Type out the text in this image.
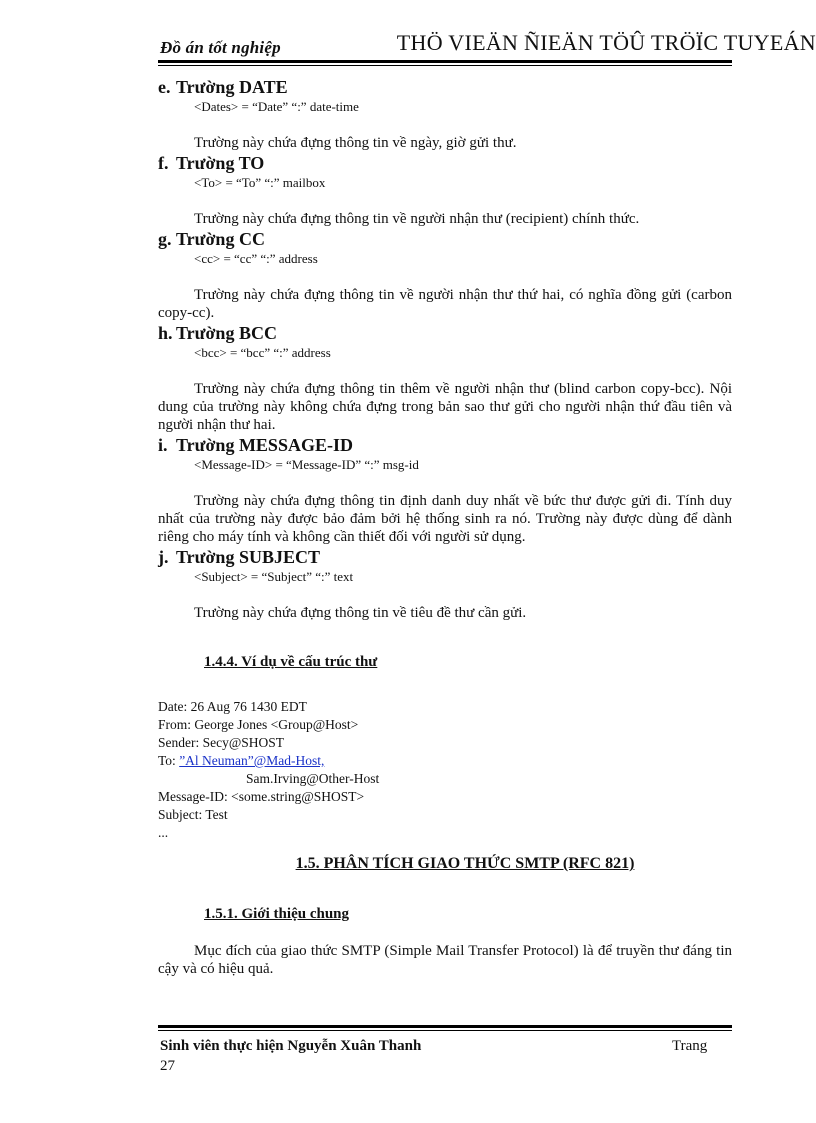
Đồ án tốt nghiệp	THÖ VIEÄN ÑIEÄN TÖÛ TRÖÏC TUYEÁN

e. Trường DATE

<Dates> = “Date” “:” date-time

Trường này chứa đựng thông tin về ngày, giờ gửi thư.

f. Trường TO

<To> = “To” “:” mailbox

Trường này chứa đựng thông tin về người nhận thư (recipient) chính thức.

g. Trường CC

<cc> = “cc” “:” address

Trường này chứa đựng thông tin về người nhận thư thứ hai, có nghĩa đồng gửi (carbon copy-cc).

h. Trường BCC

<bcc> = “bcc” “:” address

Trường này chứa đựng thông tin thêm về người nhận thư (blind carbon copy-bcc). Nội dung của trường này không chứa đựng trong bản sao thư gửi cho người nhận thứ đầu tiên và người nhận thư hai.

i. Trường MESSAGE-ID

<Message-ID> = “Message-ID” “:” msg-id

Trường này chứa đựng thông tin định danh duy nhất về bức thư được gửi đi. Tính duy nhất của trường này được bảo đảm bởi hệ thống sinh ra nó. Trường này được dùng để dành riêng cho máy tính và không cần thiết đối với người sử dụng.

j. Trường SUBJECT

<Subject> = “Subject” “:” text

Trường này chứa đựng thông tin về tiêu đề thư cần gửi.

1.4.4. Ví dụ về cấu trúc thư

Date: 26 Aug 76 1430 EDT

From: George Jones <Group@Host>

Sender: Secy@SHOST

To: ”Al Neuman”@Mad-Host,

Sam.Irving@Other-Host

Message-ID: <some.string@SHOST>

Subject: Test

...

1.5. PHÂN TÍCH GIAO THỨC SMTP (RFC 821)

1.5.1. Giới thiệu chung

Mục đích của giao thức SMTP (Simple Mail Transfer Protocol) là để truyền thư đáng tin cậy và có hiệu quả.

Sinh viên thực hiện Nguyễn Xuân Thanh	Trang
27
